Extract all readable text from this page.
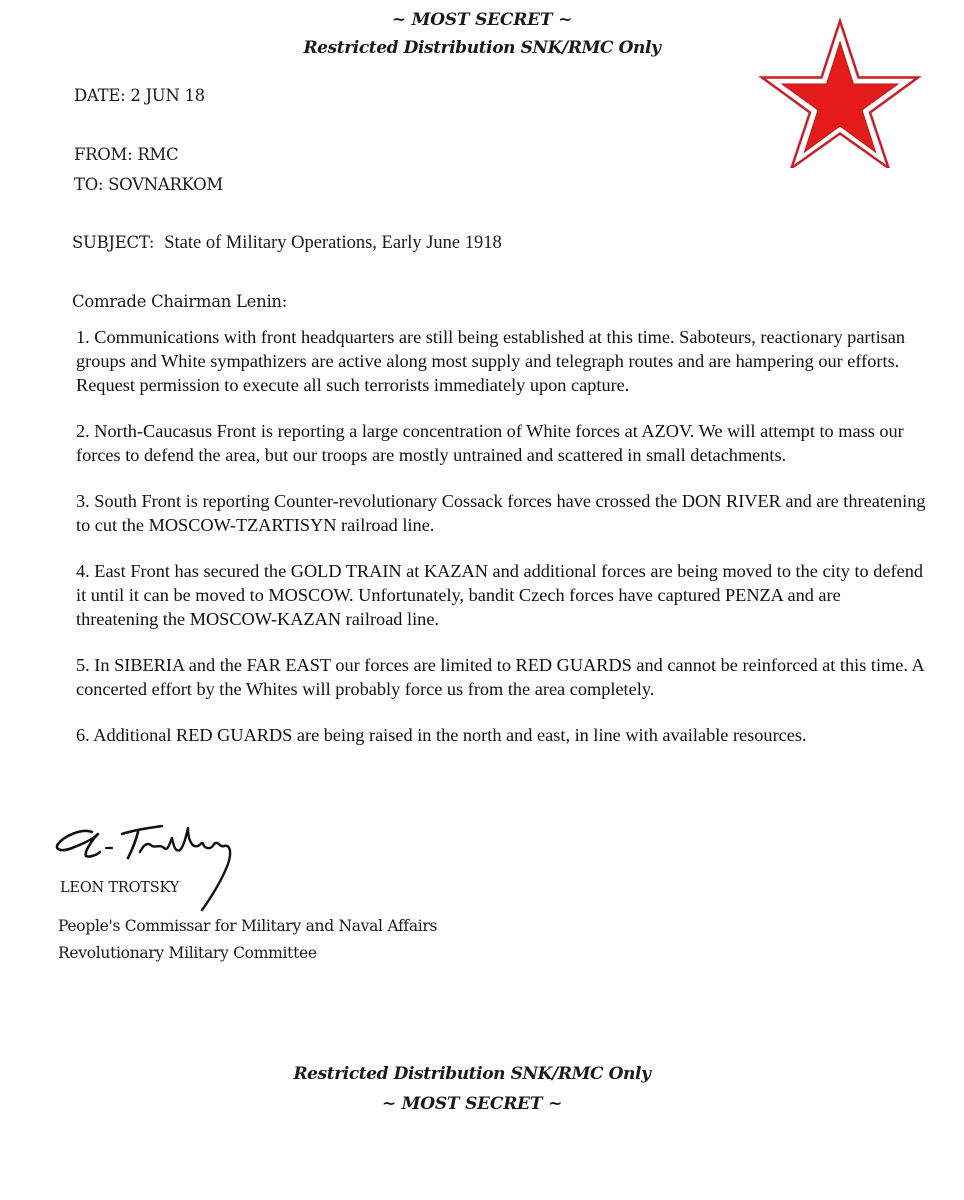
~ MOST SECRET ~
Restricted Distribution SNK/RMC Only
DATE: 2 JUN 18
FROM: RMC
TO: SOVNARKOM
SUBJECT: State of Military Operations, Early June 1918
Comrade Chairman Lenin:

1. Communications with front headquarters are still being established at this time. Saboteurs, reactionary partisan groups and White sympathizers are active along most supply and telegraph routes and are hampering our efforts. Request permission to execute all such terrorists immediately upon capture.

2. North-Caucasus Front is reporting a large concentration of White forces at AZOV. We will attempt to mass our forces to defend the area, but our troops are mostly untrained and scattered in small detachments.

3. South Front is reporting Counter-revolutionary Cossack forces have crossed the DON RIVER and are threatening to cut the MOSCOW-TZARTISYN railroad line.

4. East Front has secured the GOLD TRAIN at KAZAN and additional forces are being moved to the city to defend it until it can be moved to MOSCOW. Unfortunately, bandit Czech forces have captured PENZA and are threatening the MOSCOW-KAZAN railroad line.

5. In SIBERIA and the FAR EAST our forces are limited to RED GUARDS and cannot be reinforced at this time. A concerted effort by the Whites will probably force us from the area completely.

6. Additional RED GUARDS are being raised in the north and east, in line with available resources.

LEON TROTSKY
People's Commissar for Military and Naval Affairs
Revolutionary Military Committee
Restricted Distribution SNK/RMC Only
~ MOST SECRET ~
